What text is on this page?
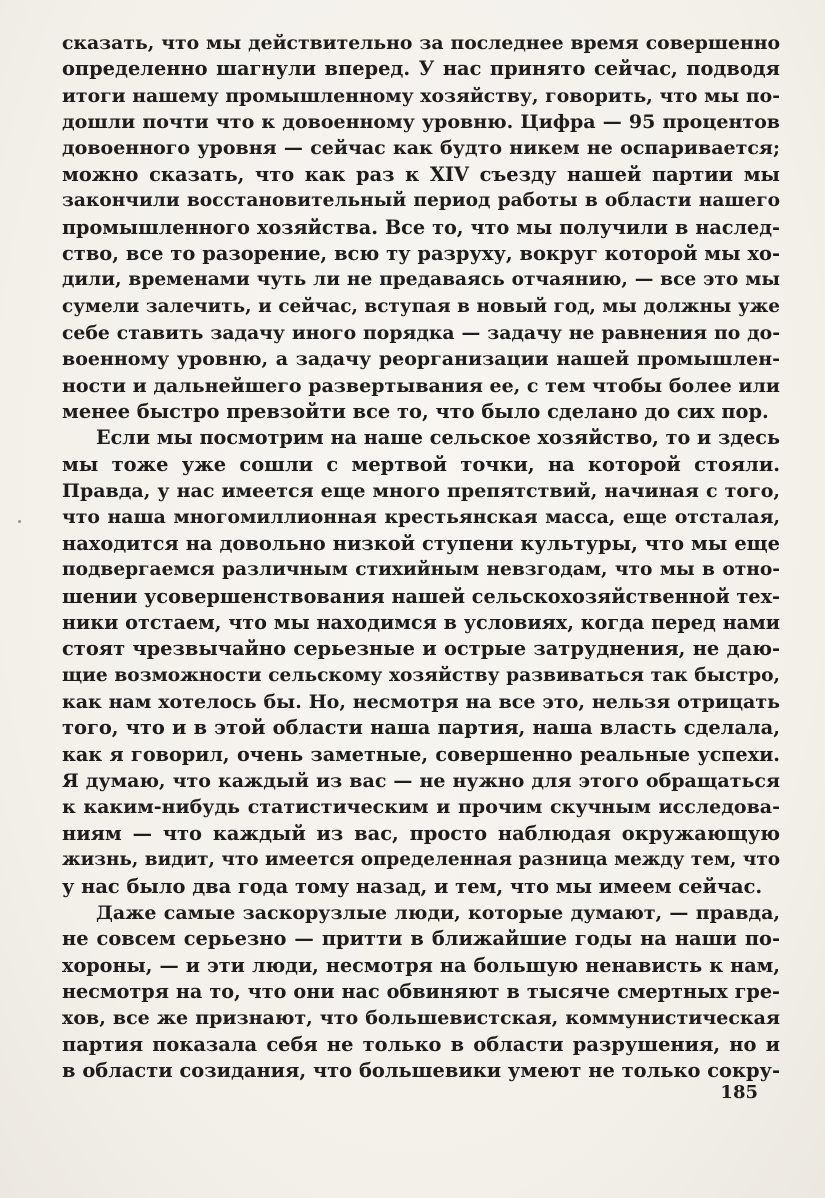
сказать, что мы действительно за последнее время совершенно
определенно шагнули вперед. У нас принято сейчас, подводя
итоги нашему промышленному хозяйству, говорить, что мы по-
дошли почти что к довоенному уровню. Цифра — 95 процентов
довоенного уровня — сейчас как будто никем не оспаривается;
можно сказать, что как раз к XIV съезду нашей партии мы
закончили восстановительный период работы в области нашего
промышленного хозяйства. Все то, что мы получили в наслед-
ство, все то разорение, всю ту разруху, вокруг которой мы хо-
дили, временами чуть ли не предаваясь отчаянию, — все это мы
сумели залечить, и сейчас, вступая в новый год, мы должны уже
себе ставить задачу иного порядка — задачу не равнения по до-
военному уровню, а задачу реорганизации нашей промышлен-
ности и дальнейшего развертывания ее, с тем чтобы более или
менее быстро превзойти все то, что было сделано до сих пор.
Если мы посмотрим на наше сельское хозяйство, то и здесь
мы тоже уже сошли с мертвой точки, на которой стояли.
Правда, у нас имеется еще много препятствий, начиная с того,
что наша многомиллионная крестьянская масса, еще отсталая,
находится на довольно низкой ступени культуры, что мы еще
подвергаемся различным стихийным невзгодам, что мы в отно-
шении усовершенствования нашей сельскохозяйственной тех-
ники отстаем, что мы находимся в условиях, когда перед нами
стоят чрезвычайно серьезные и острые затруднения, не даю-
щие возможности сельскому хозяйству развиваться так быстро,
как нам хотелось бы. Но, несмотря на все это, нельзя отрицать
того, что и в этой области наша партия, наша власть сделала,
как я говорил, очень заметные, совершенно реальные успехи.
Я думаю, что каждый из вас — не нужно для этого обращаться
к каким-нибудь статистическим и прочим скучным исследова-
ниям — что каждый из вас, просто наблюдая окружающую
жизнь, видит, что имеется определенная разница между тем, что
у нас было два года тому назад, и тем, что мы имеем сейчас.
Даже самые заскорузлые люди, которые думают, — правда,
не совсем серьезно — притти в ближайшие годы на наши по-
хороны, — и эти люди, несмотря на большую ненависть к нам,
несмотря на то, что они нас обвиняют в тысяче смертных гре-
хов, все же признают, что большевистская, коммунистическая
партия показала себя не только в области разрушения, но и
в области созидания, что большевики умеют не только сокру-
185
